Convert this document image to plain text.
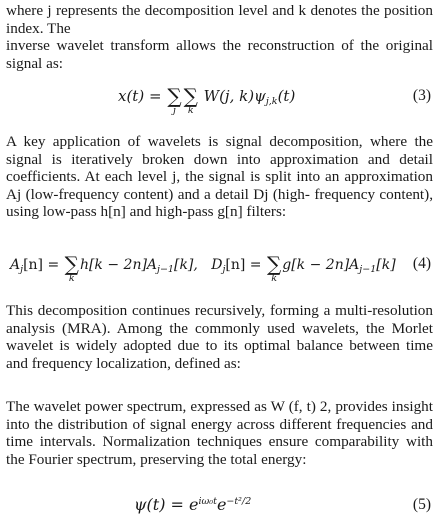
where j represents the decomposition level and k denotes the position index. The

inverse wavelet transform allows the reconstruction of the original signal as:

x(t) = ∑
j
∑
k
W(j, $k)\psi_{j,k}(t)$	(3)

A key application of wavelets is signal decomposition, where the signal is iteratively broken down into approximation and detail coefficients. At each level j, the signal is split into an approximation Aj (low-frequency content) and a detail Dj (high- frequency content), using low-pass h[n] and high-pass g[n] filters:

$A_j[n]$ = ∑
k
$h[k - 2n]A_{j-1}[k]$, $D_j[n]$ = ∑
k
$g[k - 2n]A_{j-1}[k]$ (4)

This decomposition continues recursively, forming a multi-resolution analysis (MRA). Among the commonly used wavelets, the Morlet wavelet is widely adopted due to its optimal balance between time and frequency localization, defined as:

The wavelet power spectrum, expressed as W (f, t) 2, provides insight into the distribution of signal energy across different frequencies and time intervals. Normalization techniques ensure comparability with the Fourier spectrum, preserving the total energy:

$\psi(t) = e^{i\omega_0t}e^{-t^2/2}$	(5)
